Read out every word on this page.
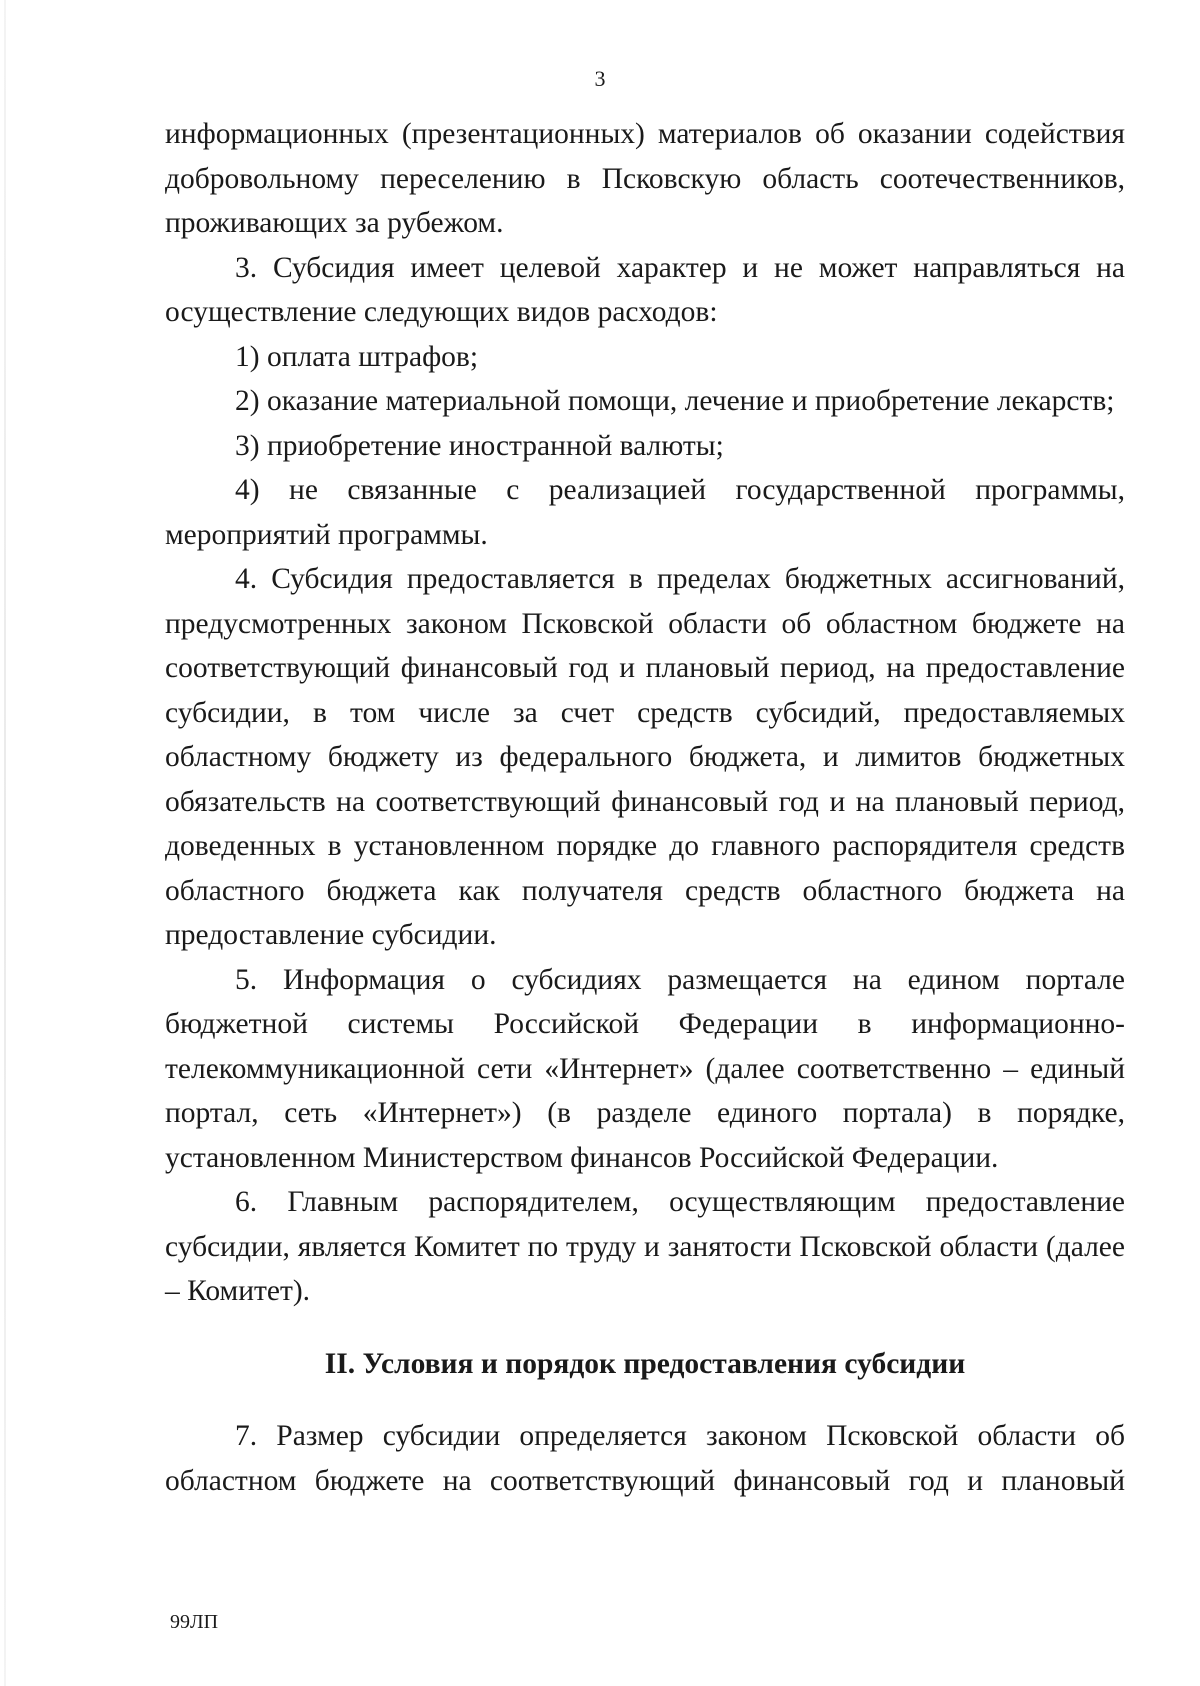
3

информационных (презентационных) материалов об оказании содействия добровольному переселению в Псковскую область соотечественников, проживающих за рубежом.

3. Субсидия имеет целевой характер и не может направляться на осуществление следующих видов расходов:

1) оплата штрафов;

2) оказание материальной помощи, лечение и приобретение лекарств;

3) приобретение иностранной валюты;

4) не связанные с реализацией государственной программы, мероприятий программы.

4. Субсидия предоставляется в пределах бюджетных ассигнований, предусмотренных законом Псковской области об областном бюджете на соответствующий финансовый год и плановый период, на предоставление субсидии, в том числе за счет средств субсидий, предоставляемых областному бюджету из федерального бюджета, и лимитов бюджетных обязательств на соответствующий финансовый год и на плановый период, доведенных в установленном порядке до главного распорядителя средств областного бюджета как получателя средств областного бюджета на предоставление субсидии.

5. Информация о субсидиях размещается на едином портале бюджетной системы Российской Федерации в информационно-телекоммуникационной сети «Интернет» (далее соответственно – единый портал, сеть «Интернет») (в разделе единого портала) в порядке, установленном Министерством финансов Российской Федерации.

6. Главным распорядителем, осуществляющим предоставление субсидии, является Комитет по труду и занятости Псковской области (далее – Комитет).

II. Условия и порядок предоставления субсидии

7. Размер субсидии определяется законом Псковской области об областном бюджете на соответствующий финансовый год и плановый

99ЛП
